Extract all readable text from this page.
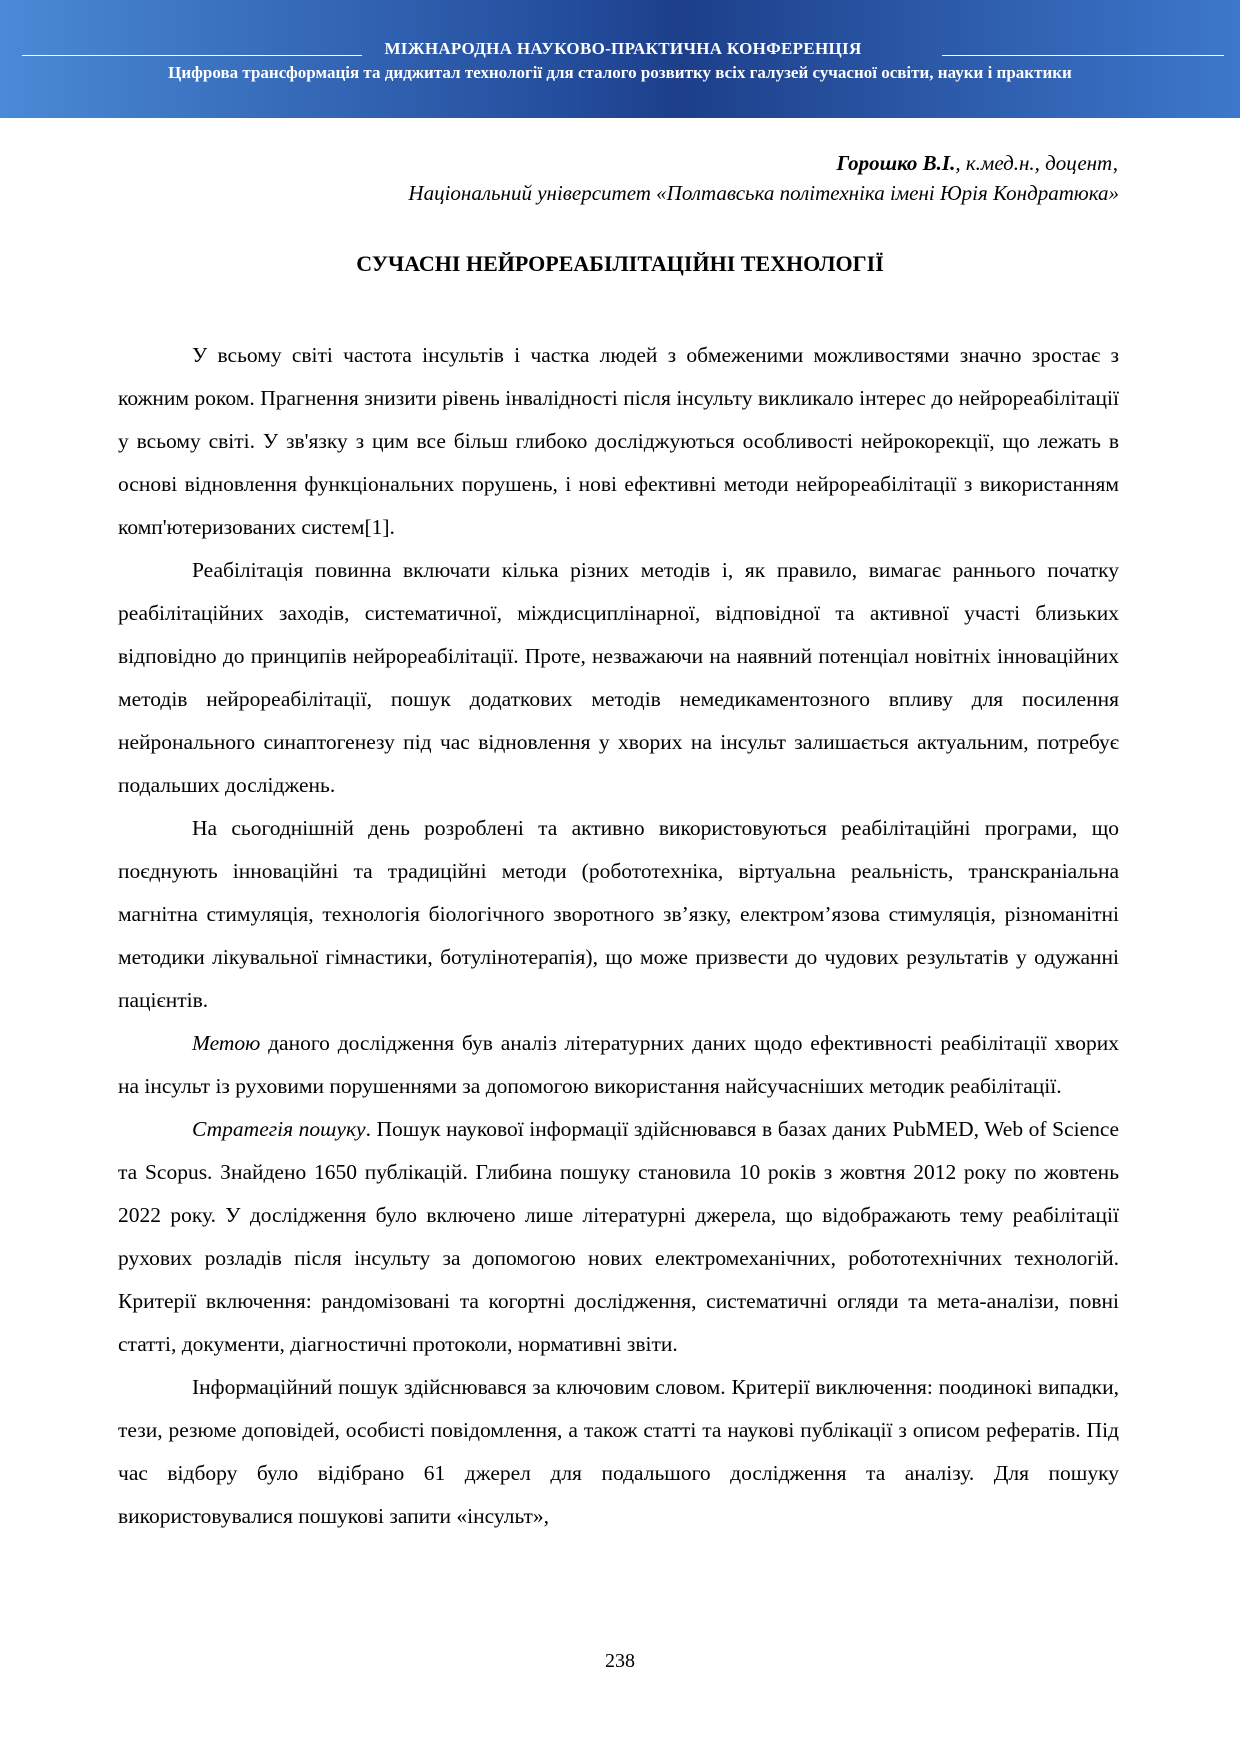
МІЖНАРОДНА НАУКОВО-ПРАКТИЧНА КОНФЕРЕНЦІЯ
Цифрова трансформація та диджитал технології для сталого розвитку всіх галузей сучасної освіти, науки і практики
Горошко В.І., к.мед.н., доцент,
Національний університет «Полтавська політехніка імені Юрія Кондратюка»
СУЧАСНІ НЕЙРОРЕАБІЛІТАЦІЙНІ ТЕХНОЛОГІЇ

У всьому світі частота інсультів і частка людей з обмеженими можливостями значно зростає з кожним роком. Прагнення знизити рівень інвалідності після інсульту викликало інтерес до нейрореабілітації у всьому світі. У зв'язку з цим все більш глибоко досліджуються особливості нейрокорекції, що лежать в основі відновлення функціональних порушень, і нові ефективні методи нейрореабілітації з використанням комп'ютеризованих систем[1].

Реабілітація повинна включати кілька різних методів і, як правило, вимагає раннього початку реабілітаційних заходів, систематичної, міждисциплінарної, відповідної та активної участі близьких відповідно до принципів нейрореабілітації. Проте, незважаючи на наявний потенціал новітніх інноваційних методів нейрореабілітації, пошук додаткових методів немедикаментозного впливу для посилення нейронального синаптогенезу під час відновлення у хворих на інсульт залишається актуальним, потребує подальших досліджень.

На сьогоднішній день розроблені та активно використовуються реабілітаційні програми, що поєднують інноваційні та традиційні методи (робототехніка, віртуальна реальність, транскраніальна магнітна стимуляція, технологія біологічного зворотного зв’язку, електром’язова стимуляція, різноманітні методики лікувальної гімнастики, ботулінотерапія), що може призвести до чудових результатів у одужанні пацієнтів.

Метою даного дослідження був аналіз літературних даних щодо ефективності реабілітації хворих на інсульт із руховими порушеннями за допомогою використання найсучасніших методик реабілітації.

Стратегія пошуку. Пошук наукової інформації здійснювався в базах даних PubMED, Web of Science та Scopus. Знайдено 1650 публікацій. Глибина пошуку становила 10 років з жовтня 2012 року по жовтень 2022 року. У дослідження було включено лише літературні джерела, що відображають тему реабілітації рухових розладів після інсульту за допомогою нових електромеханічних, робототехнічних технологій. Критерії включення: рандомізовані та когортні дослідження, систематичні огляди та мета-аналізи, повні статті, документи, діагностичні протоколи, нормативні звіти.

Інформаційний пошук здійснювався за ключовим словом. Критерії виключення: поодинокі випадки, тези, резюме доповідей, особисті повідомлення, а також статті та наукові публікації з описом рефератів. Під час відбору було відібрано 61 джерел для подальшого дослідження та аналізу. Для пошуку використовувалися пошукові запити «інсульт»,

238
